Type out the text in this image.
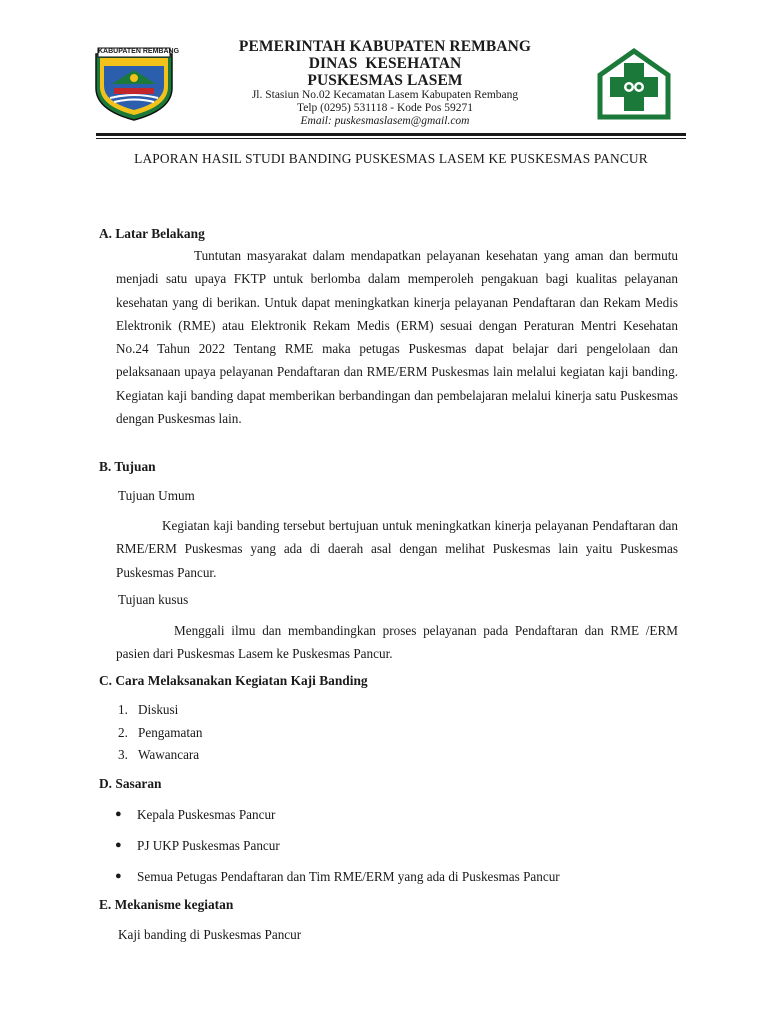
KABUPATEN REMBANG	PEMERINTAH KABUPATEN REMBANG
DINAS  KESEHATAN
PUSKESMAS LASEM
Jl. Stasiun No.02 Kecamatan Lasem Kabupaten Rembang
Telp (0295) 531118 - Kode Pos 59271
Email: puskesmaslasem@gmail.com
LAPORAN HASIL STUDI BANDING PUSKESMAS LASEM KE PUSKESMAS PANCUR
A. Latar Belakang

Tuntutan masyarakat dalam mendapatkan pelayanan kesehatan yang aman dan bermutu menjadi satu upaya FKTP untuk berlomba dalam memperoleh pengakuan bagi kualitas pelayanan kesehatan yang di berikan. Untuk dapat meningkatkan kinerja pelayanan Pendaftaran dan Rekam Medis Elektronik (RME) atau Elektronik Rekam Medis (ERM) sesuai dengan Peraturan Mentri Kesehatan No.24 Tahun 2022 Tentang RME maka petugas Puskesmas dapat belajar dari pengelolaan dan pelaksanaan upaya pelayanan Pendaftaran dan RME/ERM Puskesmas lain melalui kegiatan kaji banding. Kegiatan kaji banding dapat memberikan berbandingan dan pembelajaran melalui kinerja satu Puskesmas dengan Puskesmas lain.

B. Tujuan
Tujuan Umum

Kegiatan kaji banding tersebut bertujuan untuk meningkatkan kinerja pelayanan Pendaftaran dan RME/ERM Puskesmas yang ada di daerah asal dengan melihat Puskesmas lain yaitu Puskesmas Puskesmas Pancur.

Tujuan kusus

Menggali ilmu dan membandingkan proses pelayanan pada Pendaftaran dan RME /ERM pasien dari Puskesmas Lasem ke Puskesmas Pancur.

C. Cara Melaksanakan Kegiatan Kaji Banding
1. Diskusi
2. Pengamatan
3. Wawancara
D. Sasaran
● Kepala Puskesmas Pancur
● PJ UKP Puskesmas Pancur
● Semua Petugas Pendaftaran dan Tim RME/ERM yang ada di Puskesmas Pancur
E. Mekanisme kegiatan
Kaji banding di Puskesmas Pancur
